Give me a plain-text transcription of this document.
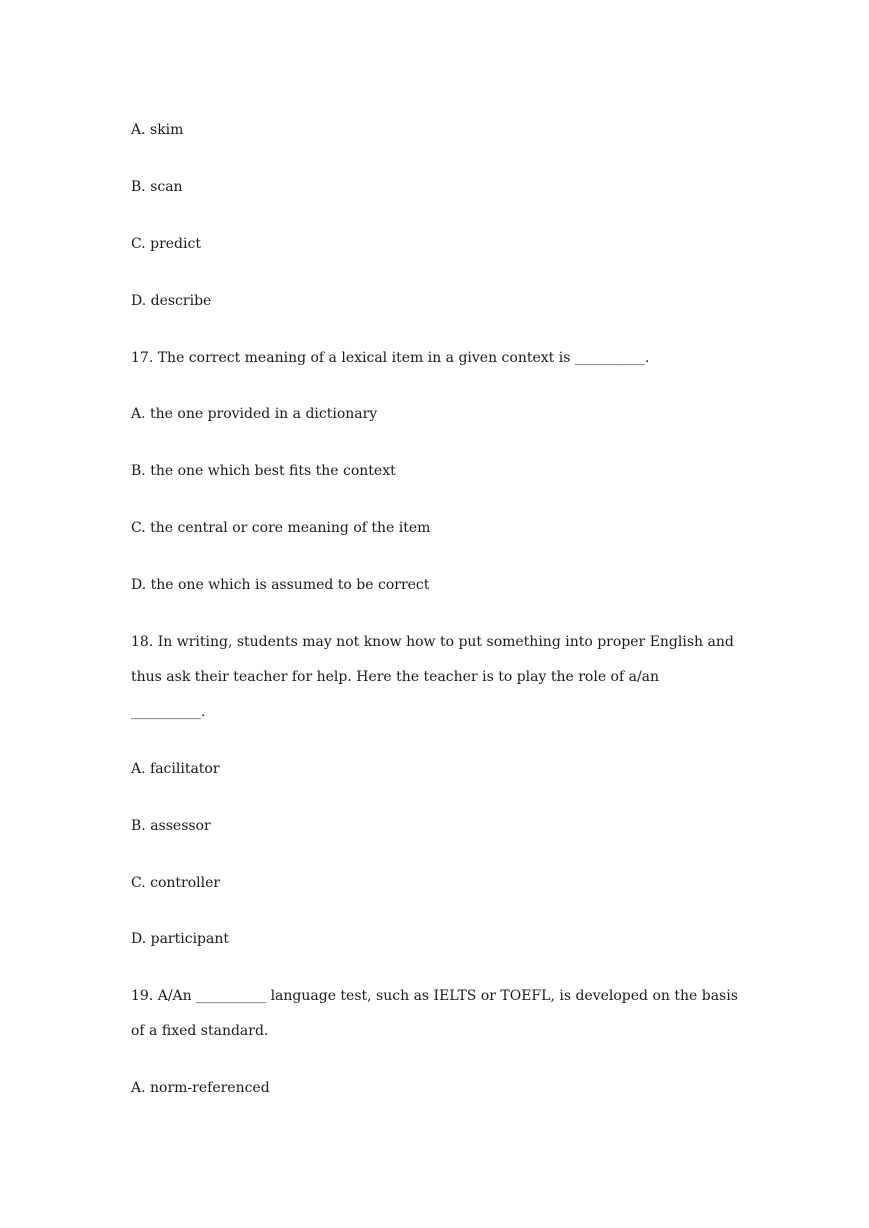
A. skim
B. scan
C. predict
D. describe
17. The correct meaning of a lexical item in a given context is __________.
A. the one provided in a dictionary
B. the one which best fits the context
C. the central or core meaning of the item
D. the one which is assumed to be correct
18. In writing, students may not know how to put something into proper English and
thus ask their teacher for help. Here the teacher is to play the role of a/an
__________.
A. facilitator
B. assessor
C. controller
D. participant
19. A/An __________ language test, such as IELTS or TOEFL, is developed on the basis
of a fixed standard.
A. norm-referenced
